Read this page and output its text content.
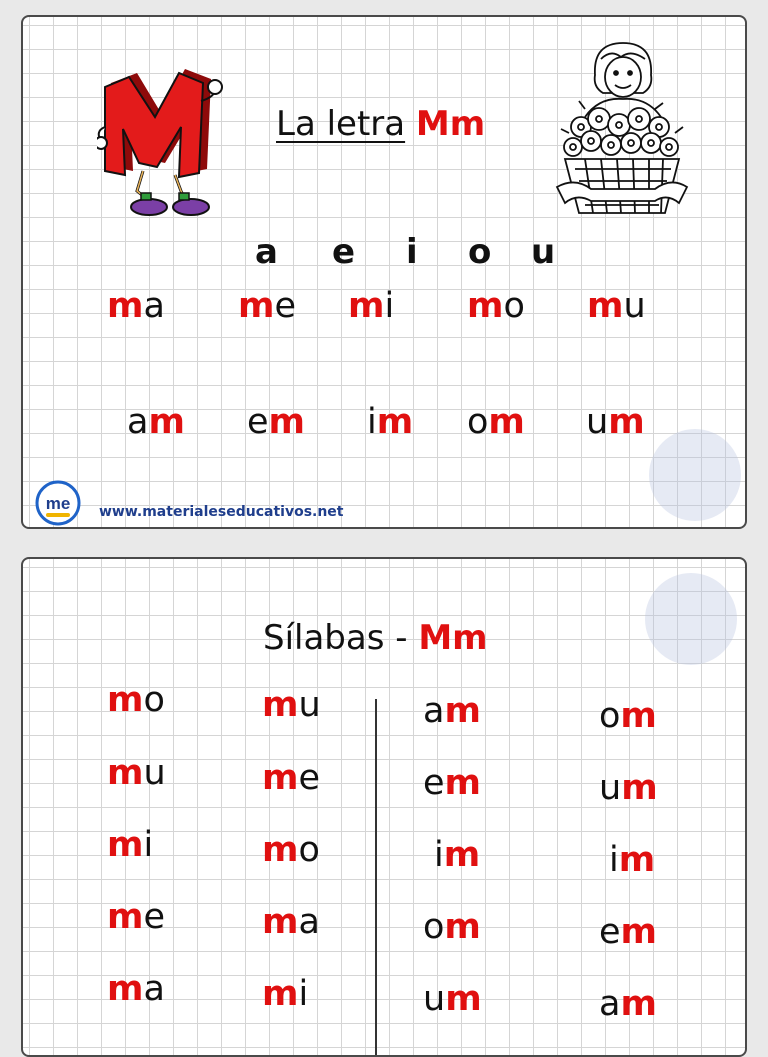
La letra Mm
a e i o u
ma me mi mo mu
am em im om um
me www.materialeseducativos.net
Sílabas - Mm
mo
mu
mi
me
ma
mu
me
mo
ma
mi
am
em
im
om
um
om
um
im
em
am
